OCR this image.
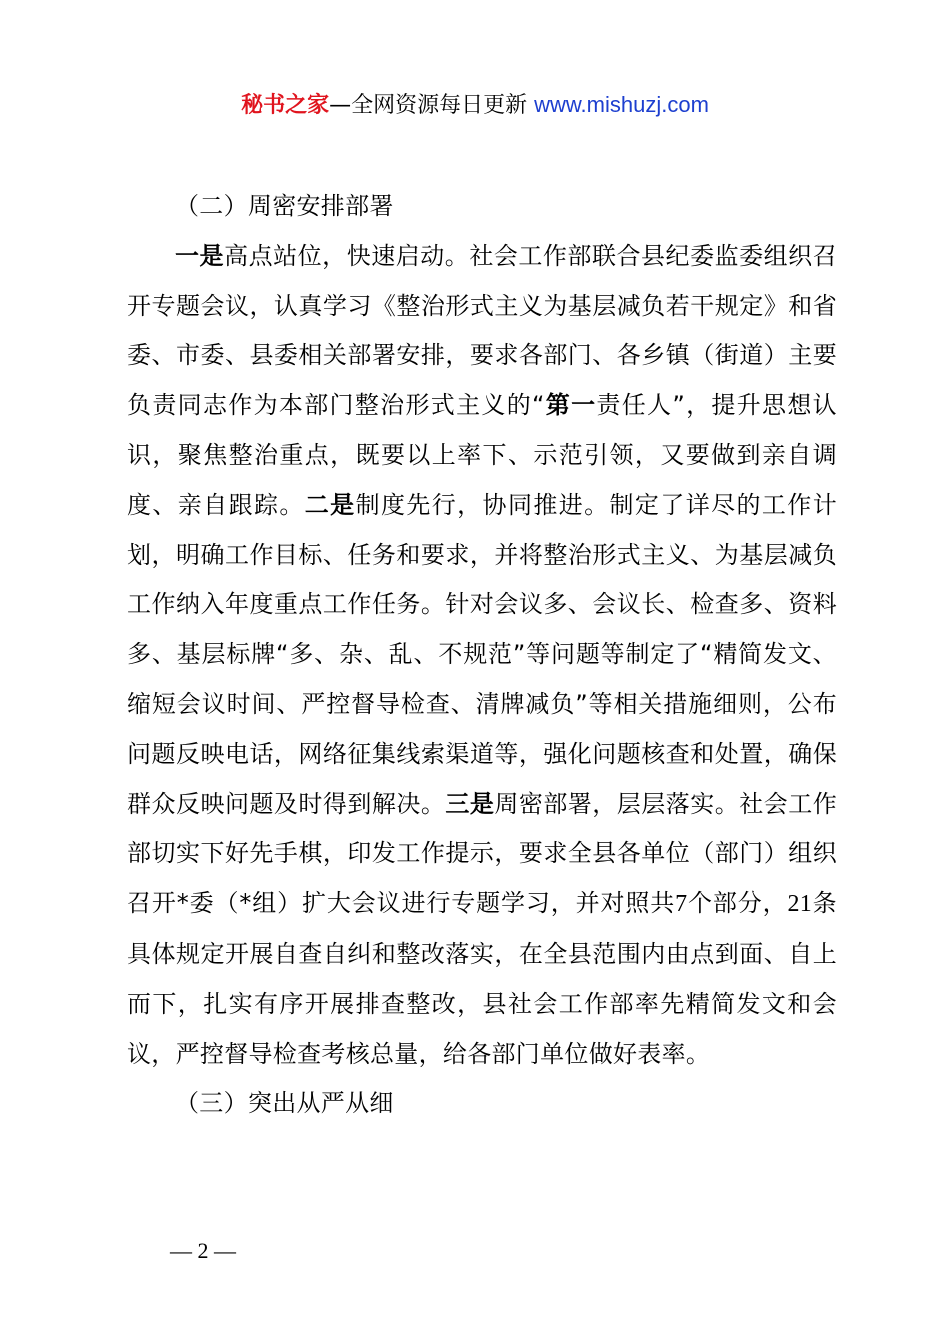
秘书之家—全网资源每日更新 www.mishuzj.com

（二）周密安排部署

一是高点站位，快速启动。社会工作部联合县纪委监委组织召开专题会议，认真学习《整治形式主义为基层减负若干规定》和省委、市委、县委相关部署安排，要求各部门、各乡镇（街道）主要负责同志作为本部门整治形式主义的“第一责任人”，提升思想认识，聚焦整治重点，既要以上率下、示范引领，又要做到亲自调度、亲自跟踪。二是制度先行，协同推进。制定了详尽的工作计划，明确工作目标、任务和要求，并将整治形式主义、为基层减负工作纳入年度重点工作任务。针对会议多、会议长、检查多、资料多、基层标牌“多、杂、乱、不规范”等问题等制定了“精简发文、缩短会议时间、严控督导检查、清牌减负”等相关措施细则，公布问题反映电话，网络征集线索渠道等，强化问题核查和处置，确保群众反映问题及时得到解决。三是周密部署，层层落实。社会工作部切实下好先手棋，印发工作提示，要求全县各单位（部门）组织召开*委（*组）扩大会议进行专题学习，并对照共7个部分，21条具体规定开展自查自纠和整改落实，在全县范围内由点到面、自上而下，扎实有序开展排查整改，县社会工作部率先精简发文和会议，严控督导检查考核总量，给各部门单位做好表率。

（三）突出从严从细

— 2 —
